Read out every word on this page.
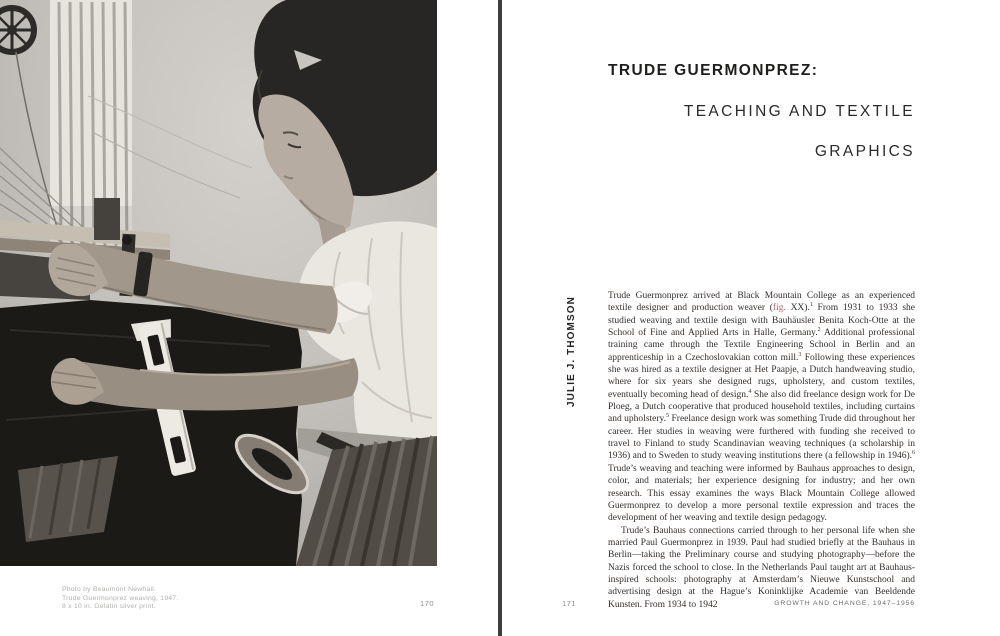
Photo by Beaumont Newhall.
Trude Guermonprez weaving, 1947.
8 x 10 in. Gelatin silver print.	170	171
TRUDE GUERMONPREZ:
TEACHING AND TEXTILE
GRAPHICS
JULIE J. THOMSON

Trude Guermonprez arrived at Black Mountain College as an experienced textile designer and production weaver (fig. XX).$^1$ From 1931 to 1933 she studied weaving and textile design with Bauhäusler Benita Koch-Otte at the School of Fine and Applied Arts in Halle, Germany.$^2$ Additional professional training came through the Textile Engineering School in Berlin and an apprenticeship in a Czechoslovakian cotton mill.$^3$ Following these experiences she was hired as a textile designer at Het Paapje, a Dutch handweaving studio, where for six years she designed rugs, upholstery, and custom textiles, eventually becoming head of design.$^4$ She also did freelance design work for De Ploeg, a Dutch cooperative that produced household textiles, including curtains and upholstery.$^5$ Freelance design work was something Trude did throughout her career. Her studies in weaving were furthered with funding she received to travel to Finland to study Scandinavian weaving techniques (a scholarship in 1936) and to Sweden to study weaving institutions there (a fellowship in 1946).$^6$ Trude’s weaving and teaching were informed by Bauhaus approaches to design, color, and materials; her experience designing for industry; and her own research. This essay examines the ways Black Mountain College allowed Guermonprez to develop a more personal textile expression and traces the development of her weaving and textile design pedagogy.

Trude’s Bauhaus connections carried through to her personal life when she married Paul Guermonprez in 1939. Paul had studied briefly at the Bauhaus in Berlin—taking the Preliminary course and studying photography—before the Nazis forced the school to close. In the Netherlands Paul taught art at Bauhaus-inspired schools: photography at Amsterdam’s Nieuwe Kunstschool and advertising design at the Hague’s Koninklijke Academie van Beeldende Kunsten. From 1934 to 1942	GROWTH AND CHANGE, 1947–1956
